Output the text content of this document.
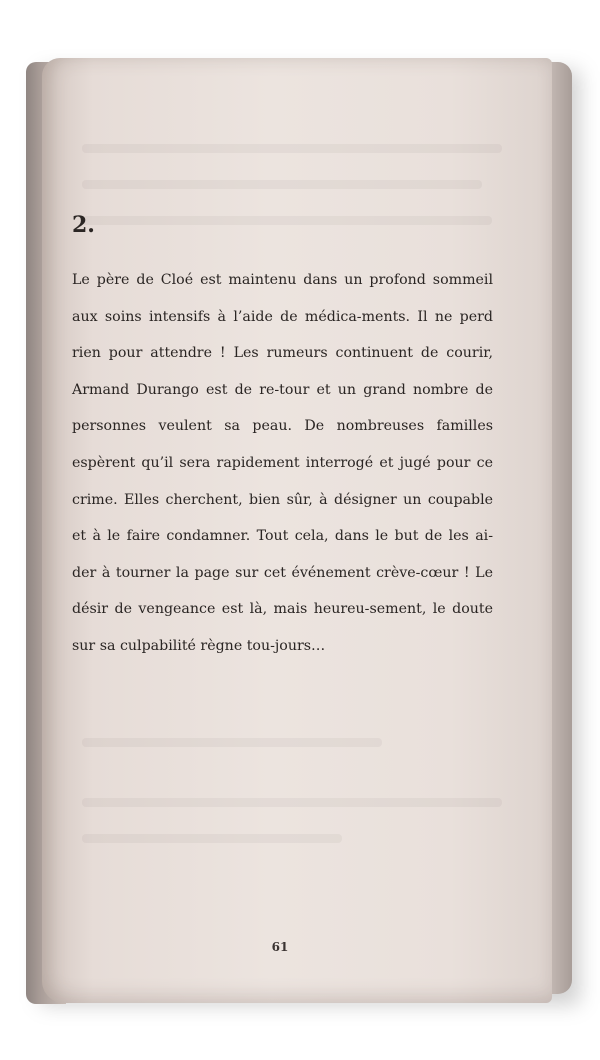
2.

Le père de Cloé est maintenu dans un profond sommeil aux soins intensifs à l’aide de médica-ments. Il ne perd rien pour attendre ! Les rumeurs continuent de courir, Armand Durango est de re-tour et un grand nombre de personnes veulent sa peau. De nombreuses familles espèrent qu’il sera rapidement interrogé et jugé pour ce crime. Elles cherchent, bien sûr, à désigner un coupable et à le faire condamner. Tout cela, dans le but de les ai-der à tourner la page sur cet événement crève-cœur ! Le désir de vengeance est là, mais heureu-sement, le doute sur sa culpabilité règne tou-jours…

61
